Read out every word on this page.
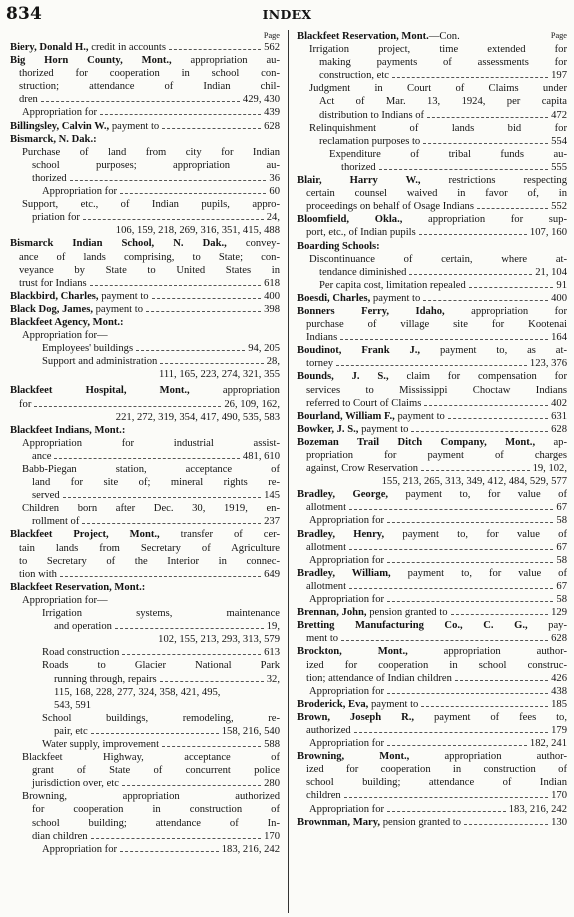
834	INDEX
Page
Biery, Donald H., credit in accounts	562
Big Horn County, Mont., appropriation au-
thorized for cooperation in school con-
struction; attendance of Indian chil-
dren	429, 430
Appropriation for	439
Billingsley, Calvin W., payment to	628
Bismarck, N. Dak.:
Purchase of land from city for Indian
school purposes; appropriation au-
thorized	36
Appropriation for	60
Support, etc., of Indian pupils, appro-
priation for	24,
106, 159, 218, 269, 316, 351, 415, 488
Bismarck Indian School, N. Dak., convey-
ance of lands comprising, to State; con-
veyance by State to United States in
trust for Indians	618
Blackbird, Charles, payment to	400
Black Dog, James, payment to	398
Blackfeet Agency, Mont.:
Appropriation for—
Employees' buildings	94, 205
Support and administration	28,
111, 165, 223, 274, 321, 355
Blackfeet Hospital, Mont., appropriation
for	26, 109, 162,
221, 272, 319, 354, 417, 490, 535, 583
Blackfeet Indians, Mont.:
Appropriation for industrial assist-
ance	481, 610
Babb-Piegan station, acceptance of
land for site of; mineral rights re-
served	145
Children born after Dec. 30, 1919, en-
rollment of	237
Blackfeet Project, Mont., transfer of cer-
tain lands from Secretary of Agriculture
to Secretary of the Interior in connec-
tion with	649
Blackfeet Reservation, Mont.:
Appropriation for—
Irrigation systems, maintenance
and operation	19,
102, 155, 213, 293, 313, 579
Road construction	613
Roads to Glacier National Park
running through, repairs	32,
115, 168, 228, 277, 324, 358, 421, 495,
543, 591
School buildings, remodeling, re-
pair, etc	158, 216, 540
Water supply, improvement	588
Blackfeet Highway, acceptance of
grant of State of concurrent police
jurisdiction over, etc	280
Browning, appropriation authorized
for cooperation in construction of
school building; attendance of In-
dian children	170
Appropriation for	183, 216, 242
Page
Blackfeet Reservation, Mont.—Con.
Irrigation project, time extended for
making payments of assessments for
construction, etc	197
Judgment in Court of Claims under
Act of Mar. 13, 1924, per capita
distribution to Indians of	472
Relinquishment of lands bid for
reclamation purposes to	554
Expenditure of tribal funds au-
thorized	555
Blair, Harry W., restrictions respecting
certain counsel waived in favor of, in
proceedings on behalf of Osage Indians	552
Bloomfield, Okla., appropriation for sup-
port, etc., of Indian pupils	107, 160
Boarding Schools:
Discontinuance of certain, where at-
tendance diminished	21, 104
Per capita cost, limitation repealed	91
Boesdi, Charles, payment to	400
Bonners Ferry, Idaho, appropriation for
purchase of village site for Kootenai
Indians	164
Boudinot, Frank J., payment to, as at-
torney	123, 376
Bounds, J. S., claim for compensation for
services to Mississippi Choctaw Indians
referred to Court of Claims	402
Bourland, William F., payment to	631
Bowker, J. S., payment to	628
Bozeman Trail Ditch Company, Mont., ap-
propriation for payment of charges
against, Crow Reservation	19, 102,
155, 213, 265, 313, 349, 412, 484, 529, 577
Bradley, George, payment to, for value of
allotment	67
Appropriation for	58
Bradley, Henry, payment to, for value of
allotment	67
Appropriation for	58
Bradley, William, payment to, for value of
allotment	67
Appropriation for	58
Brennan, John, pension granted to	129
Bretting Manufacturing Co., C. G., pay-
ment to	628
Brockton, Mont., appropriation author-
ized for cooperation in school construc-
tion; attendance of Indian children	426
Appropriation for	438
Broderick, Eva, payment to	185
Brown, Joseph R., payment of fees to,
authorized	179
Appropriation for	182, 241
Browning, Mont., appropriation author-
ized for cooperation in construction of
school building; attendance of Indian
children	170
Appropriation for	183, 216, 242
Brownman, Mary, pension granted to	130
